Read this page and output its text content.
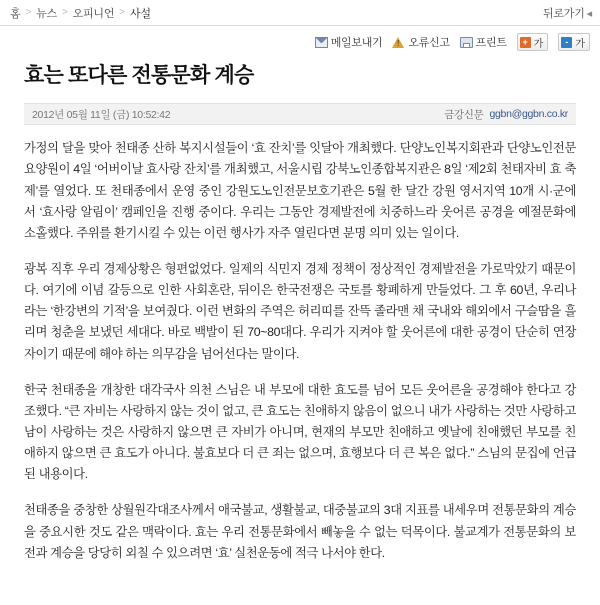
홈 > 뉴스 > 오피니언 > 사설	뒤로가기 ◂
메일보내기 ! 오류신고 프린트	+ 가	- 가
효는 또다른 전통문화 계승
2012년 05월 11일 (금) 10:52:42	금강신문 ggbn@ggbn.co.kr

가정의 달을 맞아 천태종 산하 복지시설들이 ‘효 잔치’를 잇달아 개최했다. 단양노인복지회관과 단양노인전문요양원이 4일 ‘어버이날 효사랑 잔치’를 개최했고, 서울시립 강북노인종합복지관은 8일 ‘제2회 천태자비 효 축제’를 열었다. 또 천태종에서 운영 중인 강원도노인전문보호기관은 5월 한 달간 강원 영서지역 10개 시·군에서 ‘효사랑 알림이’ 캠페인을 진행 중이다. 우리는 그동안 경제발전에 치중하느라 웃어른 공경을 예절문화에 소홀했다. 주위를 환기시킬 수 있는 이런 행사가 자주 열린다면 분명 의미 있는 일이다.

광복 직후 우리 경제상황은 형편없었다. 일제의 식민지 경제 정책이 정상적인 경제발전을 가로막았기 때문이다. 여기에 이념 갈등으로 인한 사회혼란, 뒤이은 한국전쟁은 국토를 황폐하게 만들었다. 그 후 60년, 우리나라는 ‘한강변의 기적’을 보여줬다. 이런 변화의 주역은 허리띠를 잔뜩 졸라맨 채 국내와 해외에서 구슬땀을 흘리며 청춘을 보냈던 세대다. 바로 백발이 된 70~80대다. 우리가 지켜야 할 웃어른에 대한 공경이 단순히 연장자이기 때문에 해야 하는 의무감을 넘어선다는 말이다.

한국 천태종을 개창한 대각국사 의천 스님은 내 부모에 대한 효도를 넘어 모든 웃어른을 공경해야 한다고 강조했다. “큰 자비는 사랑하지 않는 것이 없고, 큰 효도는 친애하지 않음이 없으니 내가 사랑하는 것만 사랑하고 남이 사랑하는 것은 사랑하지 않으면 큰 자비가 아니며, 현재의 부모만 친애하고 옛날에 친애했던 부모를 친애하지 않으면 큰 효도가 아니다. 불효보다 더 큰 죄는 없으며, 효행보다 더 큰 복은 없다.” 스님의 문집에 언급된 내용이다.

천태종을 중창한 상월원각대조사께서 애국불교, 생활불교, 대중불교의 3대 지표를 내세우며 전통문화의 계승을 중요시한 것도 같은 맥락이다. 효는 우리 전통문화에서 빼놓을 수 없는 덕목이다. 불교계가 전통문화의 보전과 계승을 당당히 외칠 수 있으려면 ‘효’ 실천운동에 적극 나서야 한다.
